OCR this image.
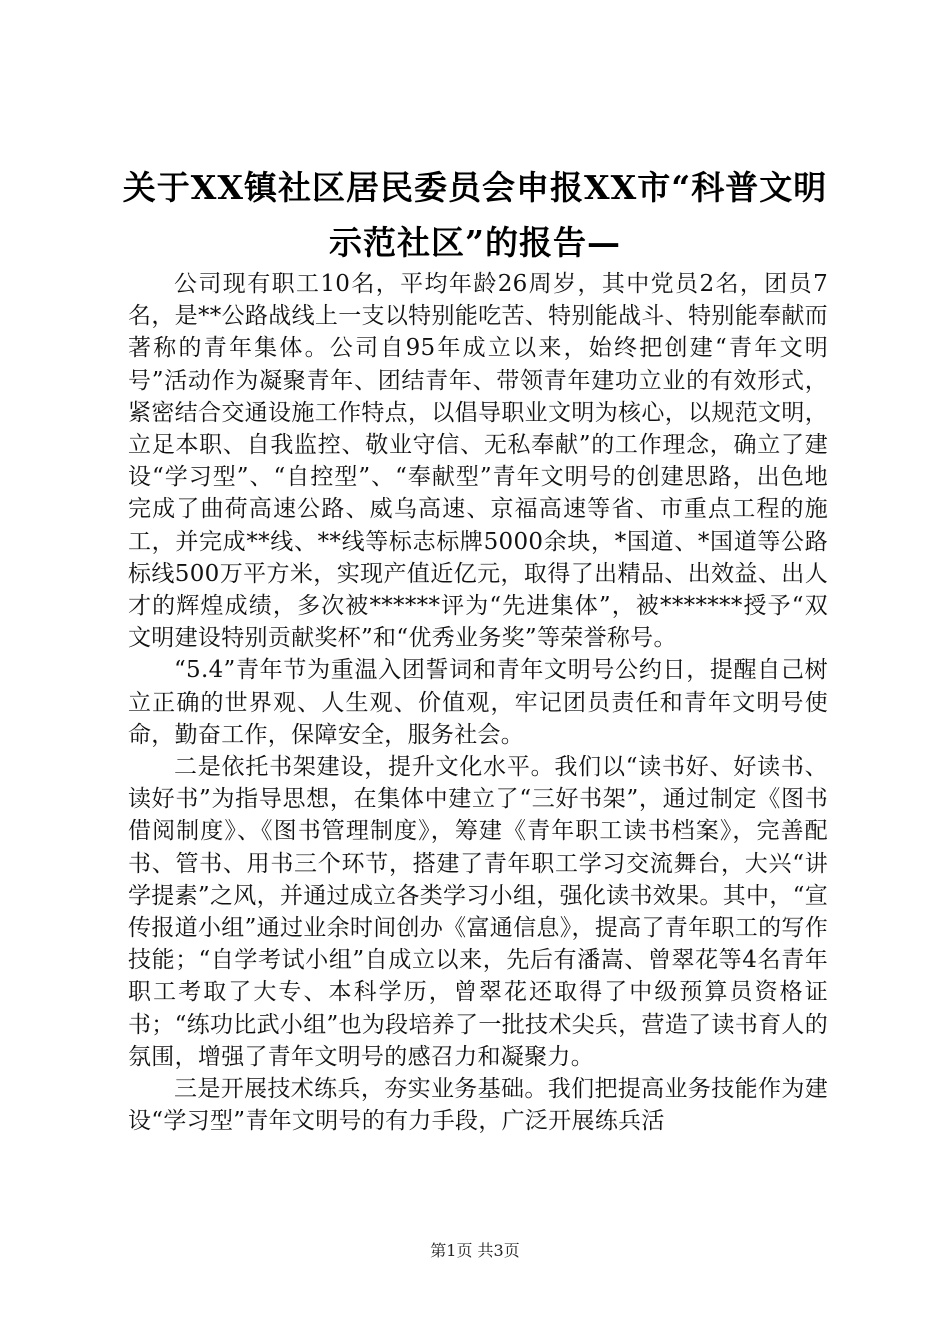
关于XX镇社区居民委员会申报XX市“科普文明示范社区”的报告—

公司现有职工10名，平均年龄26周岁，其中党员2名，团员7名，是**公路战线上一支以特别能吃苦、特别能战斗、特别能奉献而著称的青年集体。公司自95年成立以来，始终把创建“青年文明号”活动作为凝聚青年、团结青年、带领青年建功立业的有效形式，紧密结合交通设施工作特点，以倡导职业文明为核心，以规范文明，立足本职、自我监控、敬业守信、无私奉献”的工作理念，确立了建设“学习型”、“自控型”、“奉献型”青年文明号的创建思路，出色地完成了曲荷高速公路、威乌高速、京福高速等省、市重点工程的施工，并完成**线、**线等标志标牌5000余块，*国道、*国道等公路标线500万平方米，实现产值近亿元，取得了出精品、出效益、出人才的辉煌成绩，多次被******评为“先进集体”，被*******授予“双文明建设特别贡献奖杯”和“优秀业务奖”等荣誉称号。

“5.4”青年节为重温入团誓词和青年文明号公约日，提醒自己树立正确的世界观、人生观、价值观，牢记团员责任和青年文明号使命，勤奋工作，保障安全，服务社会。

二是依托书架建设，提升文化水平。我们以“读书好、好读书、读好书”为指导思想，在集体中建立了“三好书架”，通过制定《图书借阅制度》、《图书管理制度》，筹建《青年职工读书档案》，完善配书、管书、用书三个环节，搭建了青年职工学习交流舞台，大兴“讲学提素”之风，并通过成立各类学习小组，强化读书效果。其中，“宣传报道小组”通过业余时间创办《富通信息》，提高了青年职工的写作技能；“自学考试小组”自成立以来，先后有潘嵩、曾翠花等4名青年职工考取了大专、本科学历，曾翠花还取得了中级预算员资格证书；“练功比武小组”也为段培养了一批技术尖兵，营造了读书育人的氛围，增强了青年文明号的感召力和凝聚力。

三是开展技术练兵，夯实业务基础。我们把提高业务技能作为建设“学习型”青年文明号的有力手段，广泛开展练兵活

第1页 共3页
